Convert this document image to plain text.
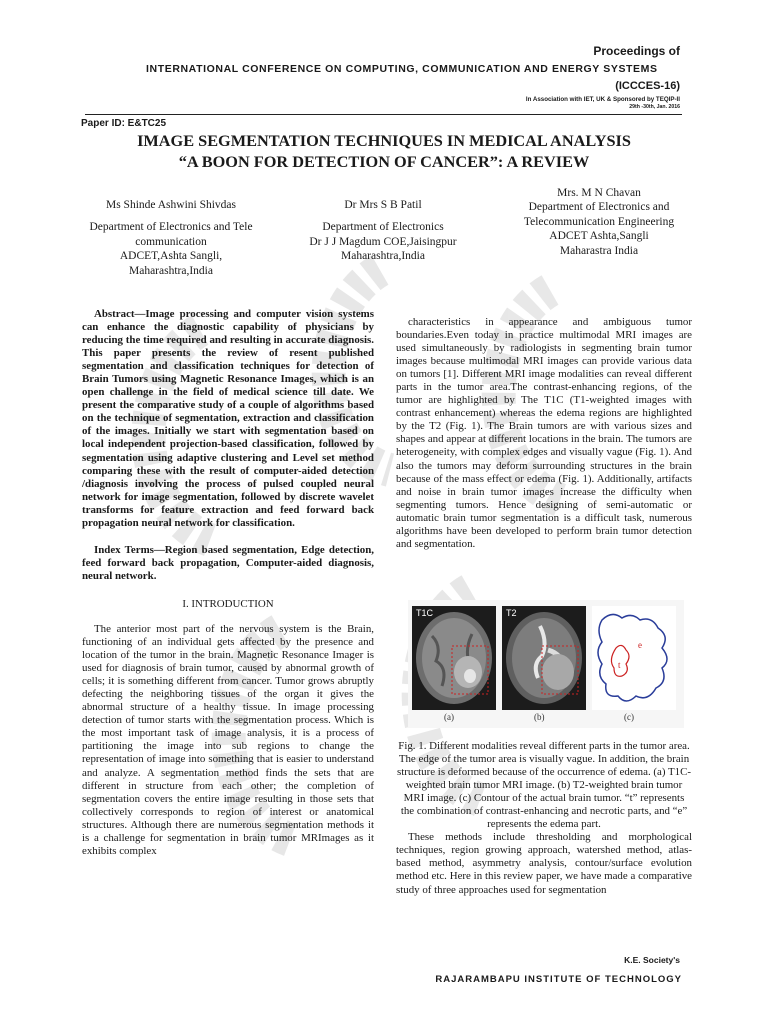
Proceedings of
INTERNATIONAL CONFERENCE ON COMPUTING, COMMUNICATION AND ENERGY SYSTEMS
(ICCCES-16)
In Association with IET, UK & Sponsored by TEQIP-II
29th -30th, Jan. 2016
Paper ID: E&TC25
IMAGE SEGMENTATION TECHNIQUES IN MEDICAL ANALYSIS
“A BOON FOR DETECTION OF CANCER”: A REVIEW
Ms Shinde Ashwini Shivdas
Department of Electronics and Tele
communication
ADCET,Ashta Sangli,
Maharashtra,India
Dr Mrs S B Patil
Department of Electronics
Dr J J Magdum COE,Jaisingpur
Maharashtra,India
Mrs. M N Chavan
Department of Electronics and
Telecommunication Engineering
ADCET Ashta,Sangli
Maharastra India

Abstract—Image processing and computer vision systems can enhance the diagnostic capability of physicians by reducing the time required and resulting in accurate diagnosis. This paper presents the review of resent published segmentation and classification techniques for detection of Brain Tumors using Magnetic Resonance Images, which is an open challenge in the field of medical science till date. We present the comparative study of a couple of algorithms based on the technique of segmentation, extraction and classification of the images. Initially we start with segmentation based on local independent projection-based classification, followed by segmentation using adaptive clustering and Level set method comparing these with the result of computer-aided detection /diagnosis involving the process of pulsed coupled neural network for image segmentation, followed by discrete wavelet transforms for feature extraction and feed forward back propagation neural network for classification.

Index Terms—Region based segmentation, Edge detection, feed forward back propagation, Computer-aided diagnosis, neural network.

I. INTRODUCTION

The anterior most part of the nervous system is the Brain, functioning of an individual gets affected by the presence and location of the tumor in the brain. Magnetic Resonance Imager is used for diagnosis of brain tumor, caused by abnormal growth of cells; it is something different from cancer. Tumor grows abruptly defecting the neighboring tissues of the organ it gives the abnormal structure of a healthy tissue. In image processing detection of tumor starts with the segmentation process. Which is the most important task of image analysis, it is a process of partitioning the image into sub regions to change the representation of image into something that is easier to understand and analyze. A segmentation method finds the sets that are different in structure from each other; the completion of segmentation covers the entire image resulting in those sets that collectively corresponds to region of interest or anatomical structures. Although there are numerous segmentation methods it is a challenge for segmentation in brain tumor MRImages as it exhibits complex

characteristics in appearance and ambiguous tumor boundaries.Even today in practice multimodal MRI images are used simultaneously by radiologists in segmenting brain tumor images because multimodal MRI images can provide various data on tumors [1]. Different MRI image modalities can reveal different parts in the tumor area.The contrast-enhancing regions, of the tumor are highlighted by The T1C (T1-weighted images with contrast enhancement) whereas the edema regions are highlighted by the T2 (Fig. 1). The Brain tumors are with various sizes and shapes and appear at different locations in the brain. The tumors are heterogeneity, with complex edges and visually vague (Fig. 1). And also the tumors may deform surrounding structures in the brain because of the mass effect or edema (Fig. 1). Additionally, artifacts and noise in brain tumor images increase the difficulty when segmenting tumors. Hence designing of semi-automatic or automatic brain tumor segmentation is a difficult task, numerous algorithms have been developed to perform brain tumor detection and segmentation.

T1C	T2
e
t
(a)	(b)	(c)

Fig. 1. Different modalities reveal different parts in the tumor area. The edge of the tumor area is visually vague. In addition, the brain structure is deformed because of the occurrence of edema. (a) T1C-weighted brain tumor MRI image. (b) T2-weighted brain tumor MRI image. (c) Contour of the actual brain tumor. “t” represents the combination of contrast-enhancing and necrotic parts, and “e” represents the edema part.

These methods include thresholding and morphological techniques, region growing approach, watershed method, atlas-based method, asymmetry analysis, contour/surface evolution method etc. Here in this review paper, we have made a comparative study of three approaches used for segmentation

K.E. Society's
RAJARAMBAPU INSTITUTE OF TECHNOLOGY
